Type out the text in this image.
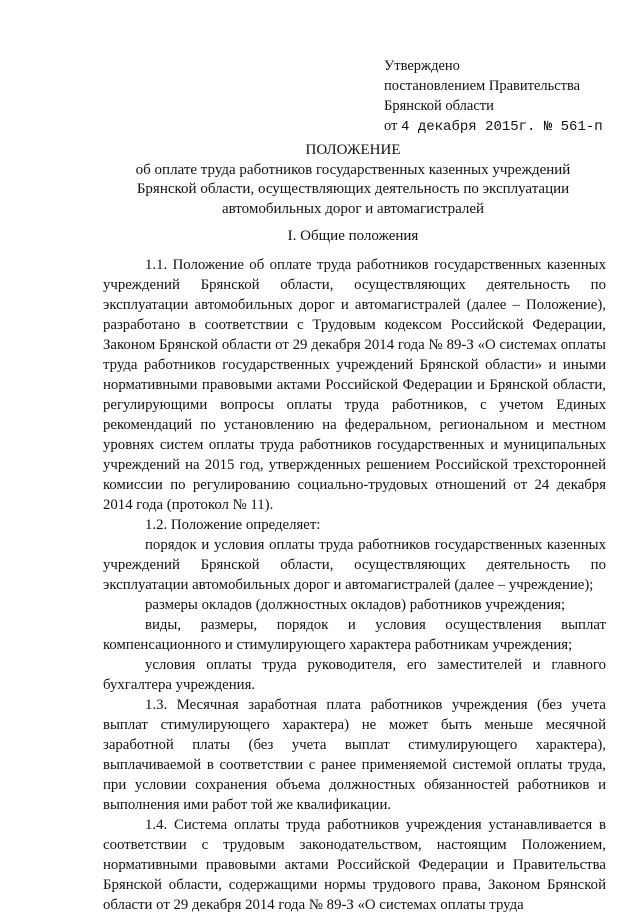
Утверждено
постановлением Правительства
Брянской области
от 4 декабря 2015г. № 561-п
ПОЛОЖЕНИЕ
об оплате труда работников государственных казенных учреждений
Брянской области, осуществляющих деятельность по эксплуатации
автомобильных дорог и автомагистралей
I. Общие положения

1.1. Положение об оплате труда работников государственных казенных учреждений Брянской области, осуществляющих деятельность по эксплуатации автомобильных дорог и автомагистралей (далее – Положение), разработано в соответствии с Трудовым кодексом Российской Федерации, Законом Брянской области от 29 декабря 2014 года № 89-З «О системах оплаты труда работников государственных учреждений Брянской области» и иными нормативными правовыми актами Российской Федерации и Брянской области, регулирующими вопросы оплаты труда работников, с учетом Единых рекомендаций по установлению на федеральном, региональном и местном уровнях систем оплаты труда работников государственных и муниципальных учреждений на 2015 год, утвержденных решением Российской трехсторонней комиссии по регулированию социально-трудовых отношений от 24 декабря 2014 года (протокол № 11).

1.2. Положение определяет:

порядок и условия оплаты труда работников государственных казенных учреждений Брянской области, осуществляющих деятельность по эксплуатации автомобильных дорог и автомагистралей (далее – учреждение);

размеры окладов (должностных окладов) работников учреждения;

виды, размеры, порядок и условия осуществления выплат компенсационного и стимулирующего характера работникам учреждения;

условия оплаты труда руководителя, его заместителей и главного бухгалтера учреждения.

1.3. Месячная заработная плата работников учреждения (без учета выплат стимулирующего характера) не может быть меньше месячной заработной платы (без учета выплат стимулирующего характера), выплачиваемой в соответствии с ранее применяемой системой оплаты труда, при условии сохранения объема должностных обязанностей работников и выполнения ими работ той же квалификации.

1.4. Система оплаты труда работников учреждения устанавливается в соответствии с трудовым законодательством, настоящим Положением, нормативными правовыми актами Российской Федерации и Правительства Брянской области, содержащими нормы трудового права, Законом Брянской области от 29 декабря 2014 года № 89-З «О системах оплаты труда
